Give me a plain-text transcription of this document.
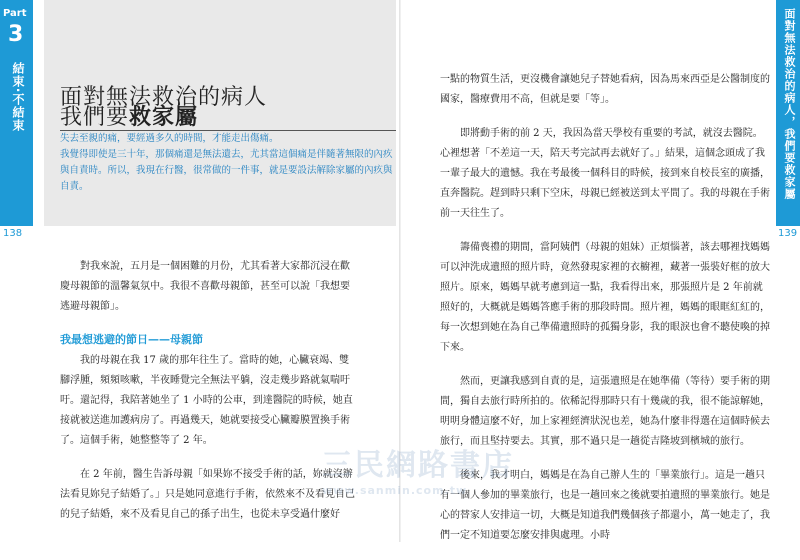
Part
3
結束‧不結束
138
面對無法救治的病人
我們要救家屬

失去至親的痛，要經過多久的時間，才能走出傷痛。

我覺得即使是三十年，那個痛還是無法遺去，尤其當這個痛是伴隨著無限的內疚與自責時。所以，我現在行醫，很常做的一件事，就是要設法解除家屬的內疚與自責。

對我來說，五月是一個困難的月份，尤其看著大家都沉浸在歡慶母親節的溫馨氣氛中。我很不喜歡母親節，甚至可以說「我想要逃避母親節」。

我最想逃避的節日——母親節

我的母親在我 17 歲的那年往生了。當時的她，心臟衰竭、雙腳浮腫，頻頻咳嗽，半夜睡覺完全無法平躺，沒走幾步路就氣喘吁吁。還記得，我陪著她坐了 1 小時的公車，到達醫院的時候，她直接就被送進加護病房了。再過幾天，她就要接受心臟瓣膜置換手術了。這個手術，她整整等了 2 年。

在 2 年前，醫生告訴母親「如果妳不接受手術的話，妳就沒辦法看見妳兒子結婚了。」只是她同意進行手術，依然來不及看見自己的兒子結婚，來不及看見自己的孫子出生，也從未享受過什麼好

面對無法救治的病人，我們要救家屬
139

一點的物質生活，更沒機會讓她兒子替她看病，因為馬來西亞是公醫制度的國家，醫療費用不高，但就是要「等」。

即將動手術的前 2 天，我因為當天學校有重要的考試，就沒去醫院。心裡想著「不差這一天，陪天考完試再去就好了。」結果，這個念頭成了我一輩子最大的遺憾。我在考最後一個科目的時候，接到來自校長室的廣播，直奔醫院。趕到時只剩下空床，母親已經被送到太平間了。我的母親在手術前一天往生了。

籌備喪禮的期間，當阿姨們（母親的姐妹）正煩惱著，該去哪裡找媽媽可以沖洗成遺照的照片時，竟然發現家裡的衣櫥裡，藏著一張裝好框的放大照片。原來，媽媽早就考慮到這一點，我看得出來，那張照片是 2 年前就照好的，大概就是媽媽答應手術的那段時間。照片裡，媽媽的眼眶紅紅的，每一次想到她在為自己準備遺照時的孤獨身影，我的眼淚也會不聽使喚的掉下來。

然而，更讓我感到自責的是，這張遺照是在她準備（等待）要手術的期間，獨自去旅行時所拍的。依稀記得那時只有十幾歲的我，很不能諒解她，明明身體這麼不好，加上家裡經濟狀況也差，她為什麼非得選在這個時候去旅行，而且堅持要去。其實，那不過只是一趟從吉隆坡到檳城的旅行。

後來，我才明白，媽媽是在為自己辦人生的「畢業旅行」。這是一趟只有一個人參加的畢業旅行，也是一趟回來之後就要拍遺照的畢業旅行。她是心的替家人安排這一切，大概是知道我們幾個孩子都還小，萬一她走了，我們一定不知道要怎麼安排與處理。小時

三民網路書店
www.sanmin.com.tw
